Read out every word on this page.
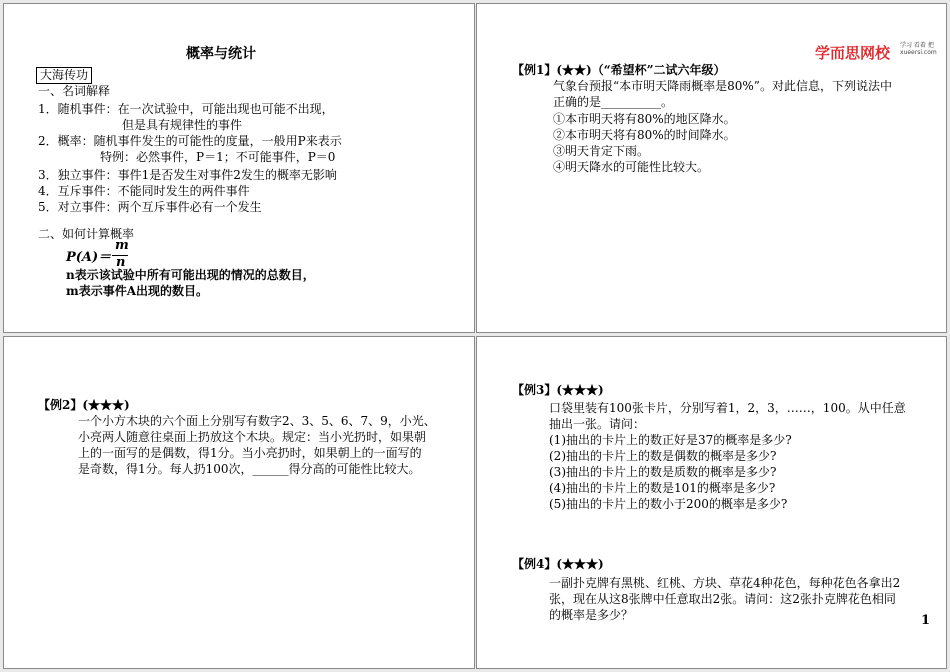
概率与统计
大海传功
一、名词解释
1．随机事件：在一次试验中，可能出现也可能不出现，
但是具有规律性的事件
2．概率：随机事件发生的可能性的度量，一般用P来表示
特例：必然事件，P＝1；不可能事件，P＝0
3．独立事件：事件1是否发生对事件2发生的概率无影响
4．互斥事件：不能同时发生的两件事件
5．对立事件：两个互斥事件必有一个发生
二、如何计算概率
P(A)＝
m
n
n表示该试验中所有可能出现的情况的总数目，
m表示事件A出现的数目。
学而思网校 学习 看着 把
xueersi.com
【例1】(★★)（“希望杯”二试六年级）
气象台预报“本市明天降雨概率是80%”。对此信息，下列说法中
正确的是__________。
①本市明天将有80%的地区降水。
②本市明天将有80%的时间降水。
③明天肯定下雨。
④明天降水的可能性比较大。
【例2】(★★★)
一个小方木块的六个面上分别写有数字2、3、5、6、7、9，小光、
小亮两人随意往桌面上扔放这个木块。规定：当小光扔时，如果朝
上的一面写的是偶数，得1分。当小亮扔时，如果朝上的一面写的
是奇数，得1分。每人扔100次，______得分高的可能性比较大。
【例3】(★★★)
口袋里装有100张卡片，分别写着1，2，3，……，100。从中任意
抽出一张。请问：
(1)抽出的卡片上的数正好是37的概率是多少?
(2)抽出的卡片上的数是偶数的概率是多少?
(3)抽出的卡片上的数是质数的概率是多少?
(4)抽出的卡片上的数是101的概率是多少?
(5)抽出的卡片上的数小于200的概率是多少?
【例4】(★★★)
一副扑克牌有黑桃、红桃、方块、草花4种花色，每种花色各拿出2
张，现在从这8张牌中任意取出2张。请问：这2张扑克牌花色相同
的概率是多少？	1
